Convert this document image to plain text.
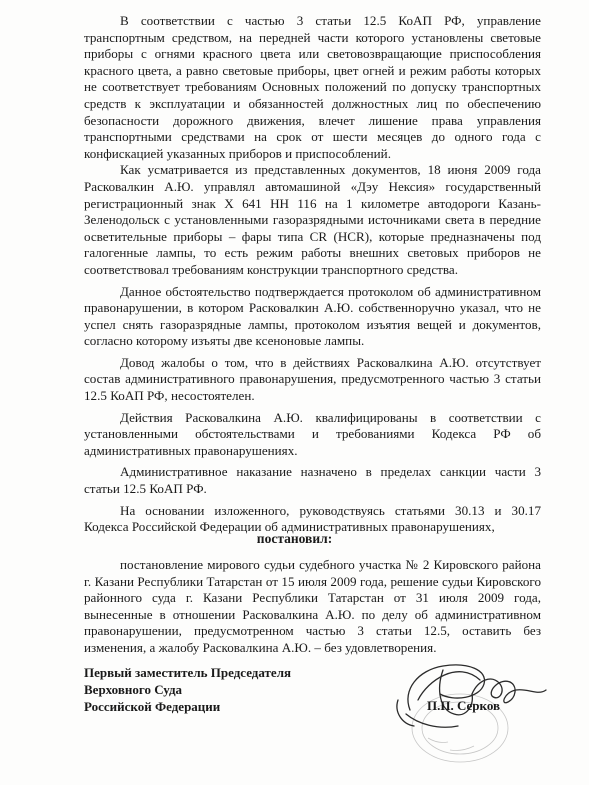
В соответствии с частью 3 статьи 12.5 КоАП РФ, управление транспортным средством, на передней части которого установлены световые приборы с огнями красного цвета или световозвращающие приспособления красного цвета, а равно световые приборы, цвет огней и режим работы которых не соответствует требованиям Основных положений по допуску транспортных средств к эксплуатации и обязанностей должностных лиц по обеспечению безопасности дорожного движения, влечет лишение права управления транспортными средствами на срок от шести месяцев до одного года с конфискацией указанных приборов и приспособлений.

Как усматривается из представленных документов, 18 июня 2009 года Расковалкин А.Ю. управлял автомашиной «Дэу Нексия» государственный регистрационный знак Х 641 НН 116 на 1 километре автодороги Казань-Зеленодольск с установленными газоразрядными источниками света в передние осветительные приборы – фары типа CR (HCR), которые предназначены под галогенные лампы, то есть режим работы внешних световых приборов не соответствовал требованиям конструкции транспортного средства.

Данное обстоятельство подтверждается протоколом об административном правонарушении, в котором Расковалкин А.Ю. собственноручно указал, что не успел снять газоразрядные лампы, протоколом изъятия вещей и документов, согласно которому изъяты две ксеноновые лампы.

Довод жалобы о том, что в действиях Расковалкина А.Ю. отсутствует состав административного правонарушения, предусмотренного частью 3 статьи 12.5 КоАП РФ, несостоятелен.

Действия Расковалкина А.Ю. квалифицированы в соответствии с установленными обстоятельствами и требованиями Кодекса РФ об административных правонарушениях.

Административное наказание назначено в пределах санкции части 3 статьи 12.5 КоАП РФ.

На основании изложенного, руководствуясь статьями 30.13 и 30.17 Кодекса Российской Федерации об административных правонарушениях,

постановил:

постановление мирового судьи судебного участка № 2 Кировского района г. Казани Республики Татарстан от 15 июля 2009 года, решение судьи Кировского районного суда г. Казани Республики Татарстан от 31 июля 2009 года, вынесенные в отношении Расковалкина А.Ю. по делу об административном правонарушении, предусмотренном частью 3 статьи 12.5, оставить без изменения, а жалобу Расковалкина А.Ю. – без удовлетворения.

Первый заместитель Председателя
Верховного Суда
Российской Федерации	П.П. Серков
